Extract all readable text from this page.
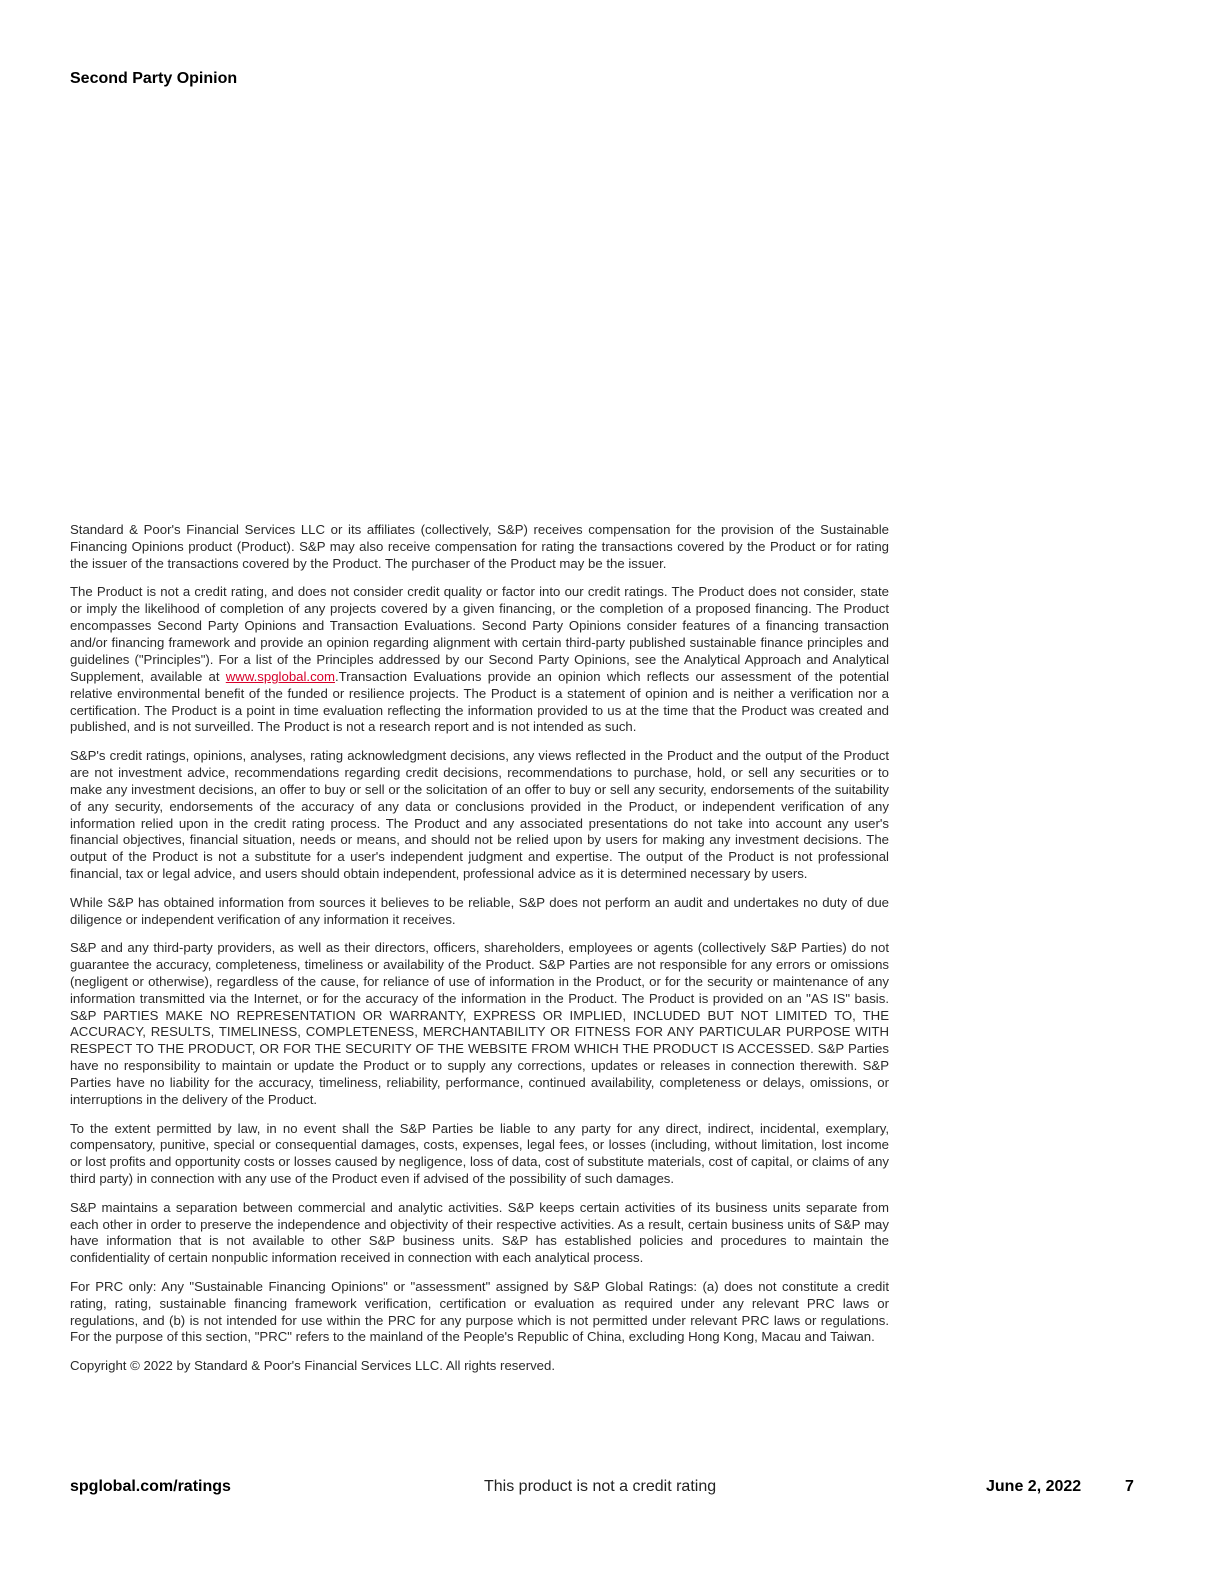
Second Party Opinion

Standard & Poor's Financial Services LLC or its affiliates (collectively, S&P) receives compensation for the provision of the Sustainable Financing Opinions product (Product). S&P may also receive compensation for rating the transactions covered by the Product or for rating the issuer of the transactions covered by the Product. The purchaser of the Product may be the issuer.

The Product is not a credit rating, and does not consider credit quality or factor into our credit ratings. The Product does not consider, state or imply the likelihood of completion of any projects covered by a given financing, or the completion of a proposed financing. The Product encompasses Second Party Opinions and Transaction Evaluations. Second Party Opinions consider features of a financing transaction and/or financing framework and provide an opinion regarding alignment with certain third-party published sustainable finance principles and guidelines ("Principles"). For a list of the Principles addressed by our Second Party Opinions, see the Analytical Approach and Analytical Supplement, available at www.spglobal.com.Transaction Evaluations provide an opinion which reflects our assessment of the potential relative environmental benefit of the funded or resilience projects. The Product is a statement of opinion and is neither a verification nor a certification. The Product is a point in time evaluation reflecting the information provided to us at the time that the Product was created and published, and is not surveilled. The Product is not a research report and is not intended as such.

S&P's credit ratings, opinions, analyses, rating acknowledgment decisions, any views reflected in the Product and the output of the Product are not investment advice, recommendations regarding credit decisions, recommendations to purchase, hold, or sell any securities or to make any investment decisions, an offer to buy or sell or the solicitation of an offer to buy or sell any security, endorsements of the suitability of any security, endorsements of the accuracy of any data or conclusions provided in the Product, or independent verification of any information relied upon in the credit rating process. The Product and any associated presentations do not take into account any user's financial objectives, financial situation, needs or means, and should not be relied upon by users for making any investment decisions. The output of the Product is not a substitute for a user's independent judgment and expertise. The output of the Product is not professional financial, tax or legal advice, and users should obtain independent, professional advice as it is determined necessary by users.

While S&P has obtained information from sources it believes to be reliable, S&P does not perform an audit and undertakes no duty of due diligence or independent verification of any information it receives.

S&P and any third-party providers, as well as their directors, officers, shareholders, employees or agents (collectively S&P Parties) do not guarantee the accuracy, completeness, timeliness or availability of the Product. S&P Parties are not responsible for any errors or omissions (negligent or otherwise), regardless of the cause, for reliance of use of information in the Product, or for the security or maintenance of any information transmitted via the Internet, or for the accuracy of the information in the Product. The Product is provided on an "AS IS" basis. S&P PARTIES MAKE NO REPRESENTATION OR WARRANTY, EXPRESS OR IMPLIED, INCLUDED BUT NOT LIMITED TO, THE ACCURACY, RESULTS, TIMELINESS, COMPLETENESS, MERCHANTABILITY OR FITNESS FOR ANY PARTICULAR PURPOSE WITH RESPECT TO THE PRODUCT, OR FOR THE SECURITY OF THE WEBSITE FROM WHICH THE PRODUCT IS ACCESSED. S&P Parties have no responsibility to maintain or update the Product or to supply any corrections, updates or releases in connection therewith. S&P Parties have no liability for the accuracy, timeliness, reliability, performance, continued availability, completeness or delays, omissions, or interruptions in the delivery of the Product.

To the extent permitted by law, in no event shall the S&P Parties be liable to any party for any direct, indirect, incidental, exemplary, compensatory, punitive, special or consequential damages, costs, expenses, legal fees, or losses (including, without limitation, lost income or lost profits and opportunity costs or losses caused by negligence, loss of data, cost of substitute materials, cost of capital, or claims of any third party) in connection with any use of the Product even if advised of the possibility of such damages.

S&P maintains a separation between commercial and analytic activities. S&P keeps certain activities of its business units separate from each other in order to preserve the independence and objectivity of their respective activities. As a result, certain business units of S&P may have information that is not available to other S&P business units. S&P has established policies and procedures to maintain the confidentiality of certain nonpublic information received in connection with each analytical process.

For PRC only: Any "Sustainable Financing Opinions" or "assessment" assigned by S&P Global Ratings: (a) does not constitute a credit rating, rating, sustainable financing framework verification, certification or evaluation as required under any relevant PRC laws or regulations, and (b) is not intended for use within the PRC for any purpose which is not permitted under relevant PRC laws or regulations. For the purpose of this section, "PRC" refers to the mainland of the People's Republic of China, excluding Hong Kong, Macau and Taiwan.

Copyright © 2022 by Standard & Poor's Financial Services LLC. All rights reserved.

spglobal.com/ratings	This product is not a credit rating	June 2, 2022	7
